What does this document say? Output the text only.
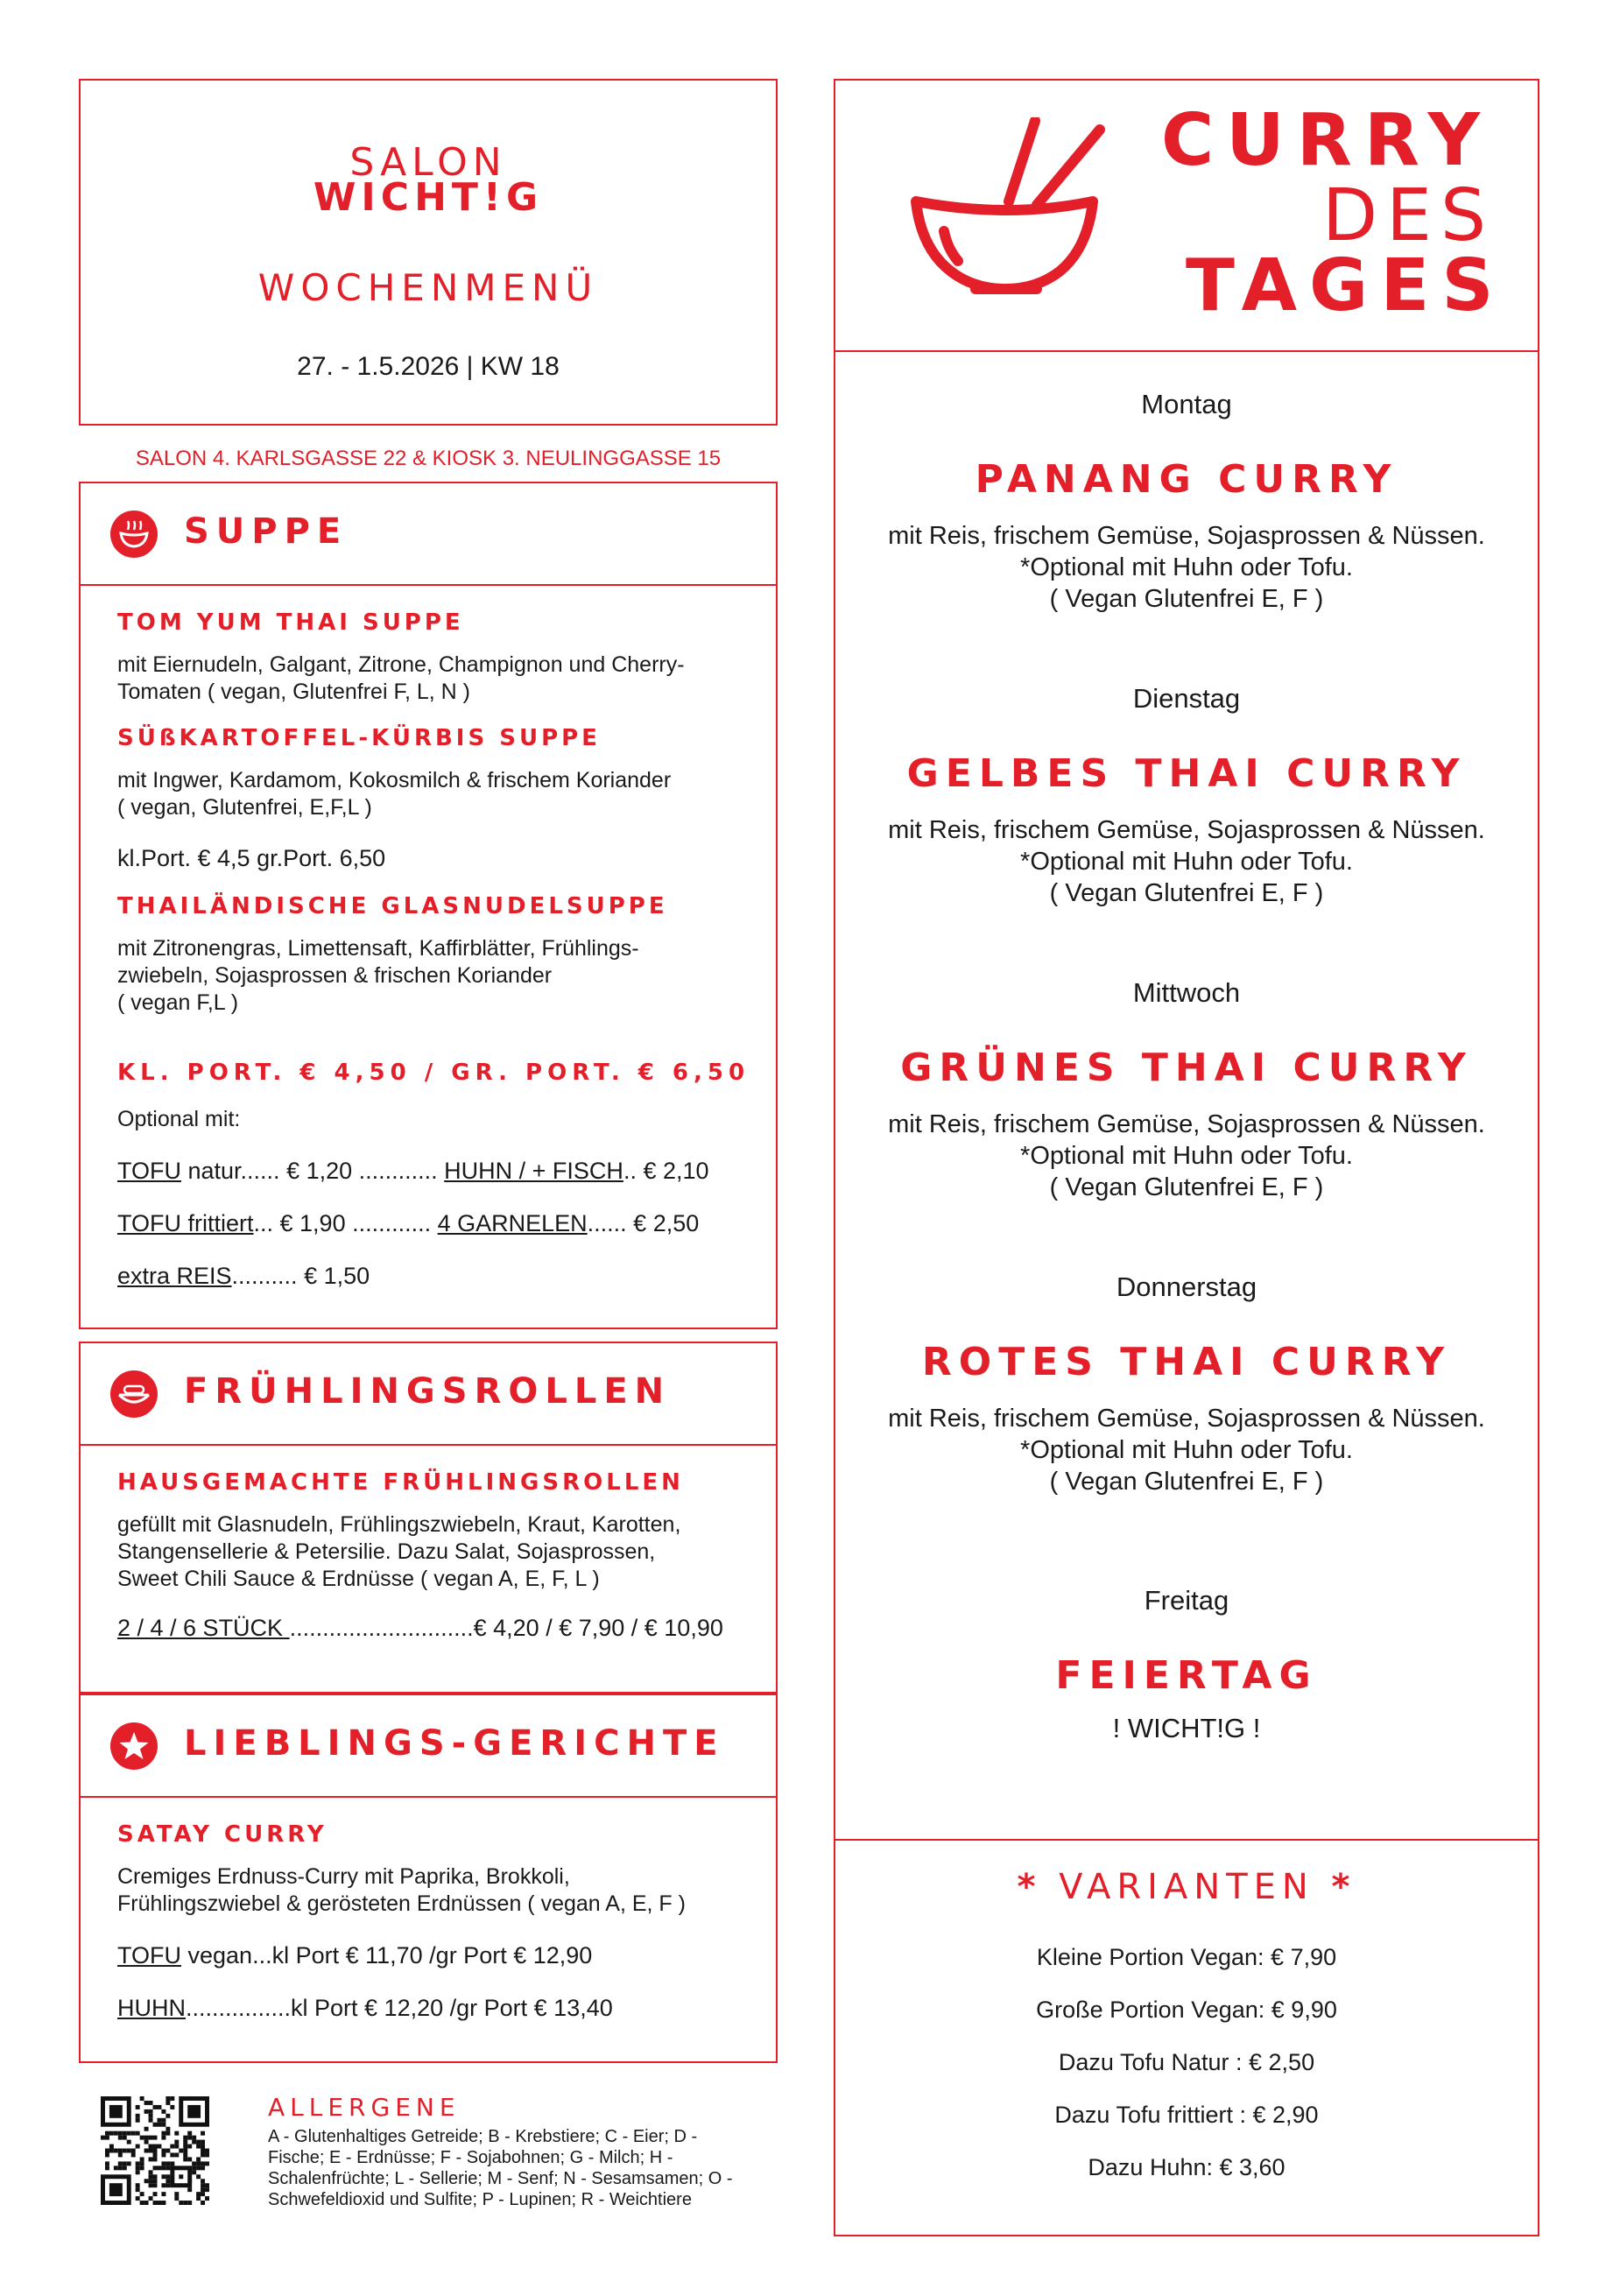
SALON
WICHT!G
WOCHENMENÜ
27. - 1.5.2026 | KW 18
SALON 4. KARLSGASSE 22 & KIOSK 3. NEULINGGASSE 15
SUPPE
TOM YUM THAI SUPPE
mit Eiernudeln, Galgant, Zitrone, Champignon und Cherry-
Tomaten ( vegan, Glutenfrei F, L, N )
SÜßKARTOFFEL-KÜRBIS SUPPE
mit Ingwer, Kardamom, Kokosmilch & frischem Koriander
( vegan, Glutenfrei, E,F,L )
kl.Port. € 4,5 gr.Port. 6,50
THAILÄNDISCHE GLASNUDELSUPPE
mit Zitronengras, Limettensaft, Kaffirblätter, Frühlings-
zwiebeln, Sojasprossen & frischen Koriander
( vegan F,L )
KL. PORT. € 4,50 / GR. PORT. € 6,50
Optional mit:
TOFU natur...... € 1,20 ............ HUHN / + FISCH.. € 2,10
TOFU frittiert... € 1,90 ............ 4 GARNELEN...... € 2,50
extra REIS.......... € 1,50
FRÜHLINGSROLLEN
HAUSGEMACHTE FRÜHLINGSROLLEN
gefüllt mit Glasnudeln, Frühlingszwiebeln, Kraut, Karotten,
Stangensellerie & Petersilie. Dazu Salat, Sojasprossen,
Sweet Chili Sauce & Erdnüsse ( vegan A, E, F, L )
2 / 4 / 6 STÜCK ............................€ 4,20 / € 7,90 / € 10,90
LIEBLINGS-GERICHTE
SATAY CURRY
Cremiges Erdnuss-Curry mit Paprika, Brokkoli,
Frühlingszwiebel & gerösteten Erdnüssen ( vegan A, E, F )
TOFU vegan...kl Port € 11,70 /gr Port € 12,90
HUHN................kl Port € 12,20 /gr Port € 13,40
ALLERGENE
A - Glutenhaltiges Getreide; B - Krebstiere; C - Eier; D -
Fische; E - Erdnüsse; F - Sojabohnen; G - Milch; H -
Schalenfrüchte; L - Sellerie; M - Senf; N - Sesamsamen; O -
Schwefeldioxid und Sulfite; P - Lupinen; R - Weichtiere
CURRY
DES
TAGES
Montag
PANANG CURRY
mit Reis, frischem Gemüse, Sojasprossen & Nüssen.
*Optional mit Huhn oder Tofu.
( Vegan Glutenfrei E, F )
Dienstag
GELBES THAI CURRY
mit Reis, frischem Gemüse, Sojasprossen & Nüssen.
*Optional mit Huhn oder Tofu.
( Vegan Glutenfrei E, F )
Mittwoch
GRÜNES THAI CURRY
mit Reis, frischem Gemüse, Sojasprossen & Nüssen.
*Optional mit Huhn oder Tofu.
( Vegan Glutenfrei E, F )
Donnerstag
ROTES THAI CURRY
mit Reis, frischem Gemüse, Sojasprossen & Nüssen.
*Optional mit Huhn oder Tofu.
( Vegan Glutenfrei E, F )
Freitag
FEIERTAG
! WICHT!G !
* VARIANTEN *
Kleine Portion Vegan: € 7,90
Große Portion Vegan: € 9,90
Dazu Tofu Natur : € 2,50
Dazu Tofu frittiert : € 2,90
Dazu Huhn: € 3,60
